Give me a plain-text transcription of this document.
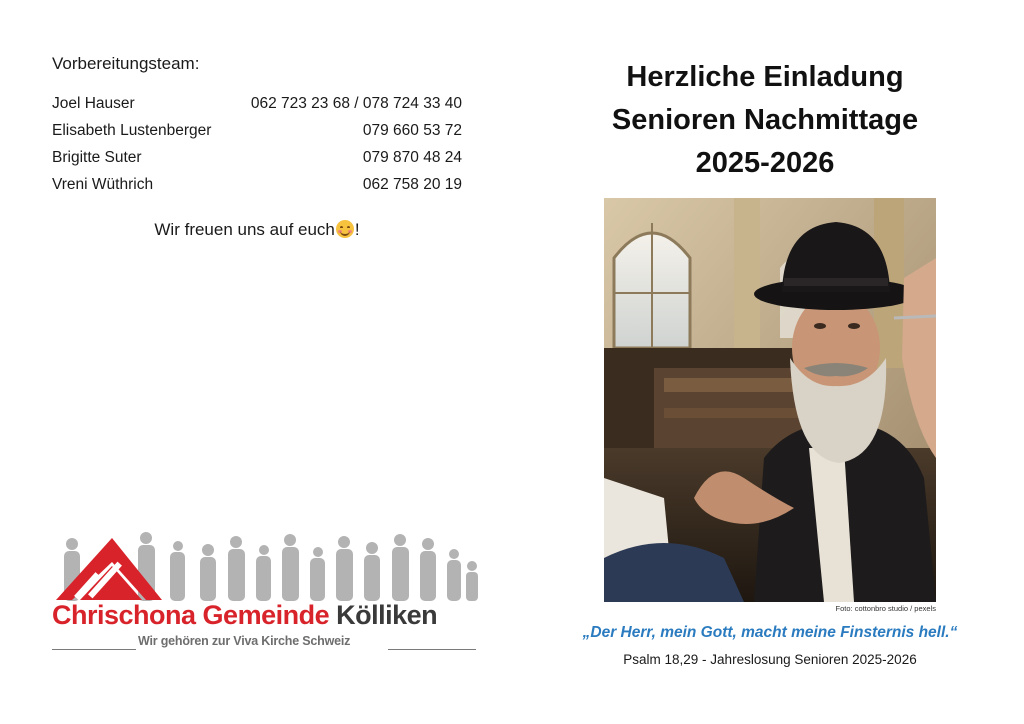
Vorbereitungsteam:
Joel Hauser	062 723 23 68 / 078 724 33 40
Elisabeth Lustenberger	079 660 53 72
Brigitte Suter	079 870 48 24
Vreni Wüthrich	062 758 20 19
Wir freuen uns auf euch !
Chrischona Gemeinde Kölliken
Wir gehören zur Viva Kirche Schweiz
Herzliche Einladung
Senioren Nachmittage
2025-2026
Foto: cottonbro studio / pexels
„Der Herr, mein Gott, macht meine Finsternis hell.“
Psalm 18,29 - Jahreslosung Senioren 2025-2026
